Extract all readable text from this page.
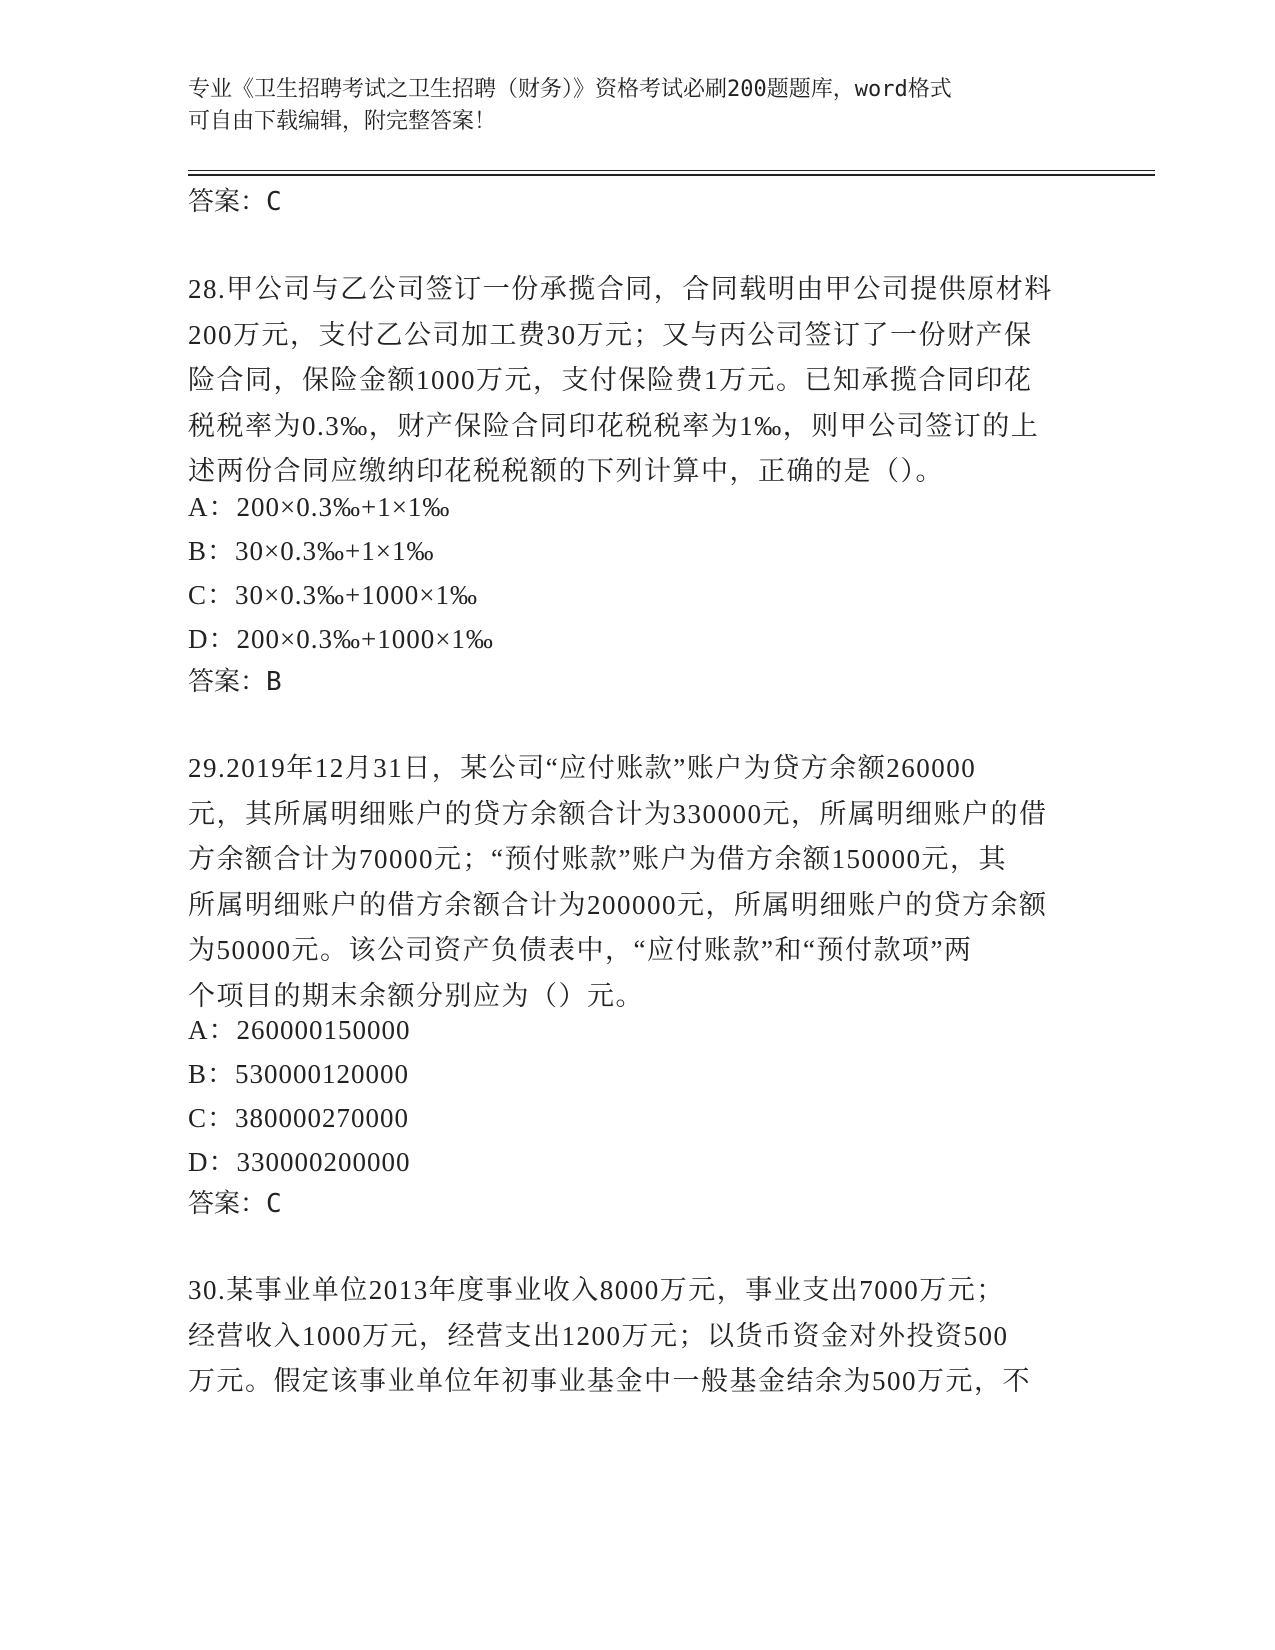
专业《卫生招聘考试之卫生招聘（财务）》资格考试必刷200题题库，word格式
可自由下载编辑，附完整答案！
答案：C
28.甲公司与乙公司签订一份承揽合同，合同载明由甲公司提供原材料
200万元，支付乙公司加工费30万元；又与丙公司签订了一份财产保
险合同，保险金额1000万元，支付保险费1万元。已知承揽合同印花
税税率为0.3‰，财产保险合同印花税税率为1‰，则甲公司签订的上
述两份合同应缴纳印花税税额的下列计算中，正确的是（）。
A：200×0.3‰+1×1‰
B：30×0.3‰+1×1‰
C：30×0.3‰+1000×1‰
D：200×0.3‰+1000×1‰
答案：B
29.2019年12月31日，某公司“应付账款”账户为贷方余额260000
元，其所属明细账户的贷方余额合计为330000元，所属明细账户的借
方余额合计为70000元；“预付账款”账户为借方余额150000元，其
所属明细账户的借方余额合计为200000元，所属明细账户的贷方余额
为50000元。该公司资产负债表中，“应付账款”和“预付款项”两
个项目的期末余额分别应为（）元。
A：260000150000
B：530000120000
C：380000270000
D：330000200000
答案：C
30.某事业单位2013年度事业收入8000万元，事业支出7000万元；
经营收入1000万元，经营支出1200万元；以货币资金对外投资500
万元。假定该事业单位年初事业基金中一般基金结余为500万元，不
